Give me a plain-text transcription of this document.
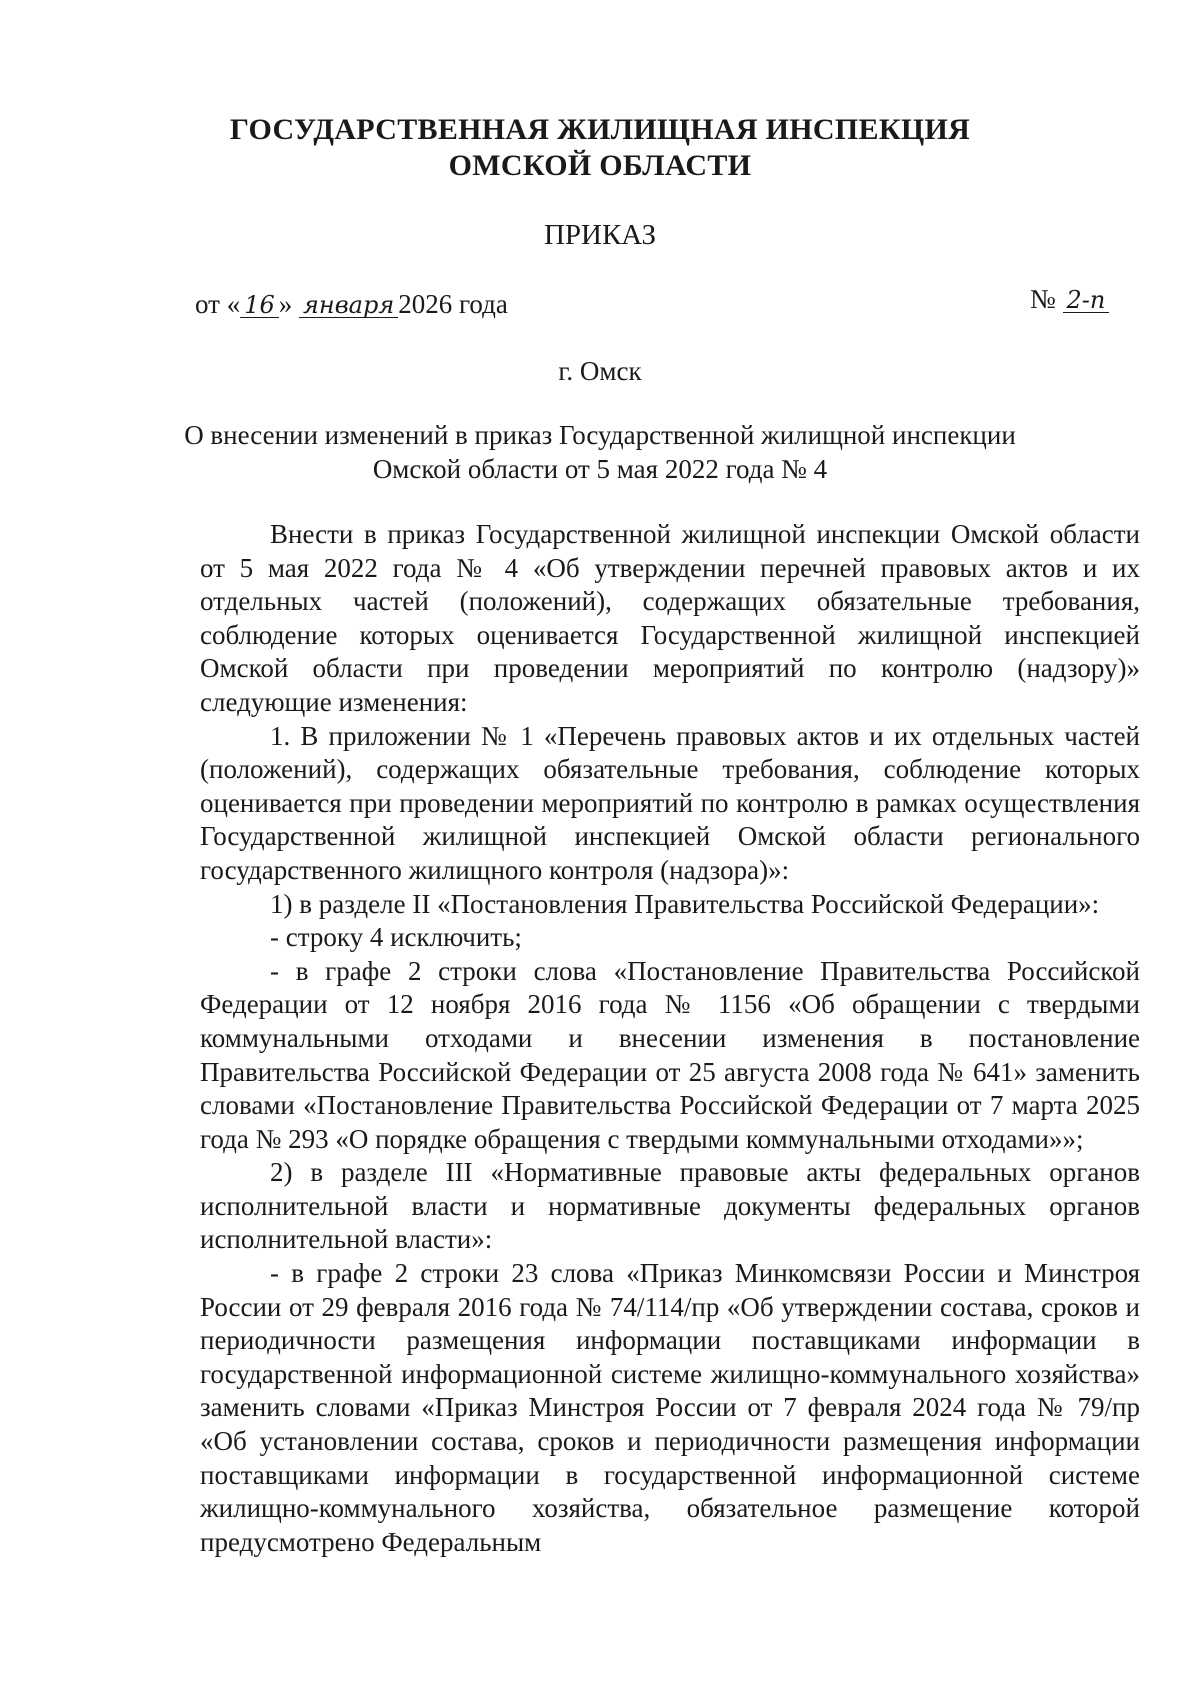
ГОСУДАРСТВЕННАЯ ЖИЛИЩНАЯ ИНСПЕКЦИЯ
ОМСКОЙ ОБЛАСТИ
ПРИКАЗ
от « 16 » января 2026 года	№ 2-п
г. Омск
О внесении изменений в приказ Государственной жилищной инспекции
Омской области от 5 мая 2022 года № 4

Внести в приказ Государственной жилищной инспекции Омской области от 5 мая 2022 года № 4 «Об утверждении перечней правовых актов и их отдельных частей (положений), содержащих обязательные требования, соблюдение которых оценивается Государственной жилищной инспекцией Омской области при проведении мероприятий по контролю (надзору)» следующие изменения:

1. В приложении № 1 «Перечень правовых актов и их отдельных частей (положений), содержащих обязательные требования, соблюдение которых оценивается при проведении мероприятий по контролю в рамках осуществления Государственной жилищной инспекцией Омской области регионального государственного жилищного контроля (надзора)»:

1) в разделе II «Постановления Правительства Российской Федерации»:

- строку 4 исключить;

- в графе 2 строки слова «Постановление Правительства Российской Федерации от 12 ноября 2016 года № 1156 «Об обращении с твердыми коммунальными отходами и внесении изменения в постановление Правительства Российской Федерации от 25 августа 2008 года № 641» заменить словами «Постановление Правительства Российской Федерации от 7 марта 2025 года № 293 «О порядке обращения с твердыми коммунальными отходами»»;

2) в разделе III «Нормативные правовые акты федеральных органов исполнительной власти и нормативные документы федеральных органов исполнительной власти»:

- в графе 2 строки 23 слова «Приказ Минкомсвязи России и Минстроя России от 29 февраля 2016 года № 74/114/пр «Об утверждении состава, сроков и периодичности размещения информации поставщиками информации в государственной информационной системе жилищно-коммунального хозяйства» заменить словами «Приказ Минстроя России от 7 февраля 2024 года № 79/пр «Об установлении состава, сроков и периодичности размещения информации поставщиками информации в государственной информационной системе жилищно-коммунального хозяйства, обязательное размещение которой предусмотрено Федеральным
